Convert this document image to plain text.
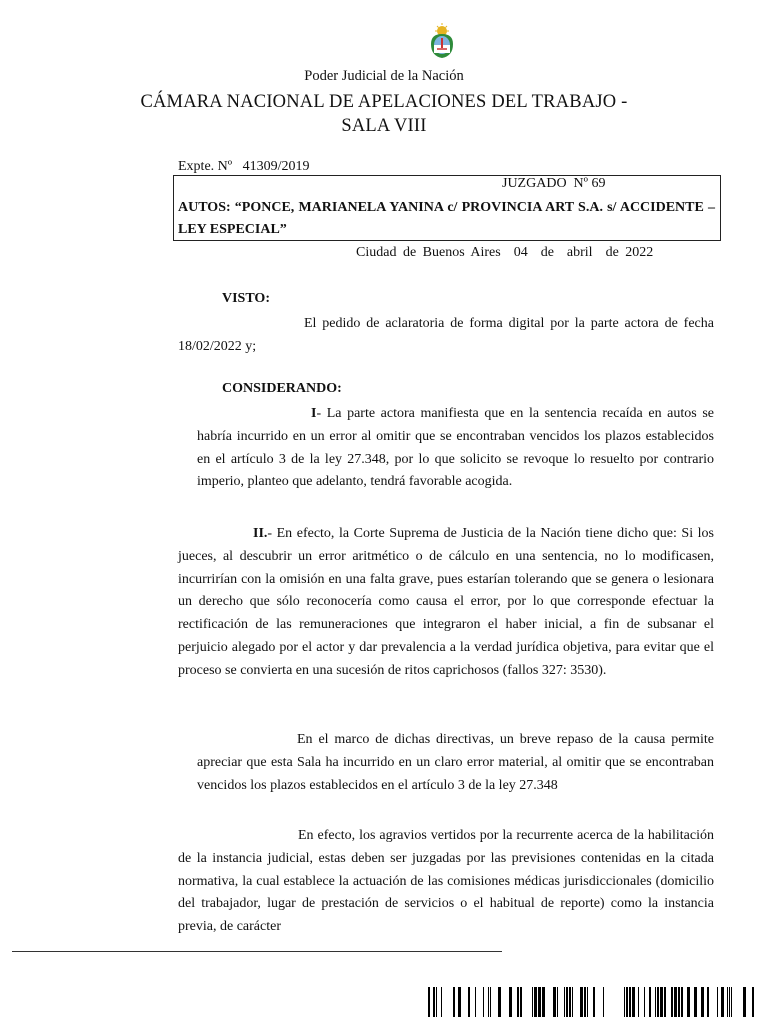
Poder Judicial de la Nación
CÁMARA NACIONAL DE APELACIONES DEL TRABAJO -
SALA VIII
Expte. Nº   41309/2019
JUZGADO  Nº 69
AUTOS: “PONCE, MARIANELA YANINA c/ PROVINCIA ART S.A. s/ ACCIDENTE – LEY ESPECIAL”
Ciudad de Buenos Aires  04  de  abril  de 2022
VISTO:
El pedido de aclaratoria de forma digital por la parte actora de fecha 18/02/2022 y;
CONSIDERANDO:
I- La parte actora manifiesta que en la sentencia recaída en autos se habría incurrido en un error al omitir que se encontraban vencidos los plazos establecidos en el artículo 3 de la ley 27.348, por lo que solicito se revoque lo resuelto por contrario imperio, planteo que adelanto, tendrá favorable acogida.
II.- En efecto, la Corte Suprema de Justicia de la Nación tiene dicho que: Si los jueces, al descubrir un error aritmético o de cálculo en una sentencia, no lo modificasen, incurrirían con la omisión en una falta grave, pues estarían tolerando que se genera o lesionara un derecho que sólo reconocería como causa el error, por lo que corresponde efectuar la rectificación de las remuneraciones que integraron el haber inicial, a fin de subsanar el perjuicio alegado por el actor y dar prevalencia a la verdad jurídica objetiva, para evitar que el proceso se convierta en una sucesión de ritos caprichosos (fallos 327: 3530).
En el marco de dichas directivas, un breve repaso de la causa permite apreciar que esta Sala ha incurrido en un claro error material, al omitir que se encontraban vencidos los plazos establecidos en el artículo 3 de la ley 27.348
En efecto, los agravios vertidos por la recurrente acerca de la habilitación de la instancia judicial, estas deben ser juzgadas por las previsiones contenidas en la citada normativa, la cual establece la actuación de las comisiones médicas jurisdiccionales (domicilio del trabajador, lugar de prestación de servicios o el habitual de reporte) como la instancia previa, de carácter
